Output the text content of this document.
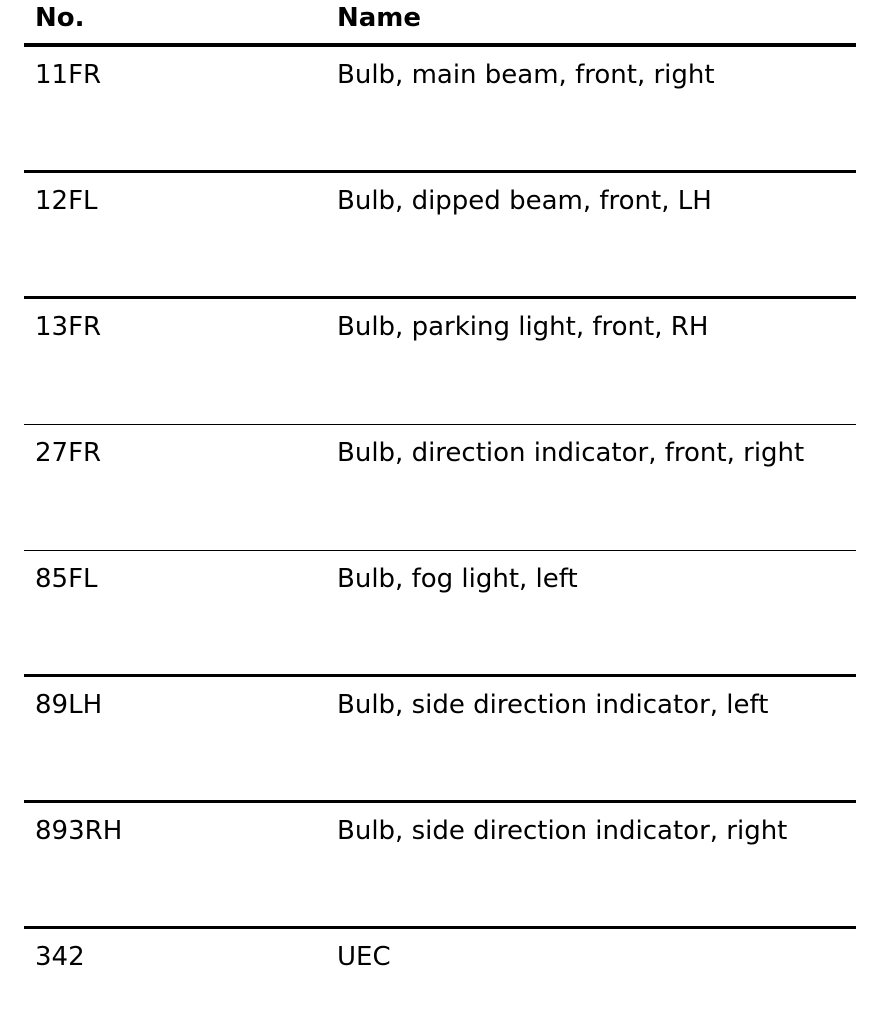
No.	Name
11FR	Bulb, main beam, front, right
12FL	Bulb, dipped beam, front, LH
13FR	Bulb, parking light, front, RH
27FR	Bulb, direction indicator, front, right
85FL	Bulb, fog light, left
89LH	Bulb, side direction indicator, left
893RH	Bulb, side direction indicator, right
342	UEC
